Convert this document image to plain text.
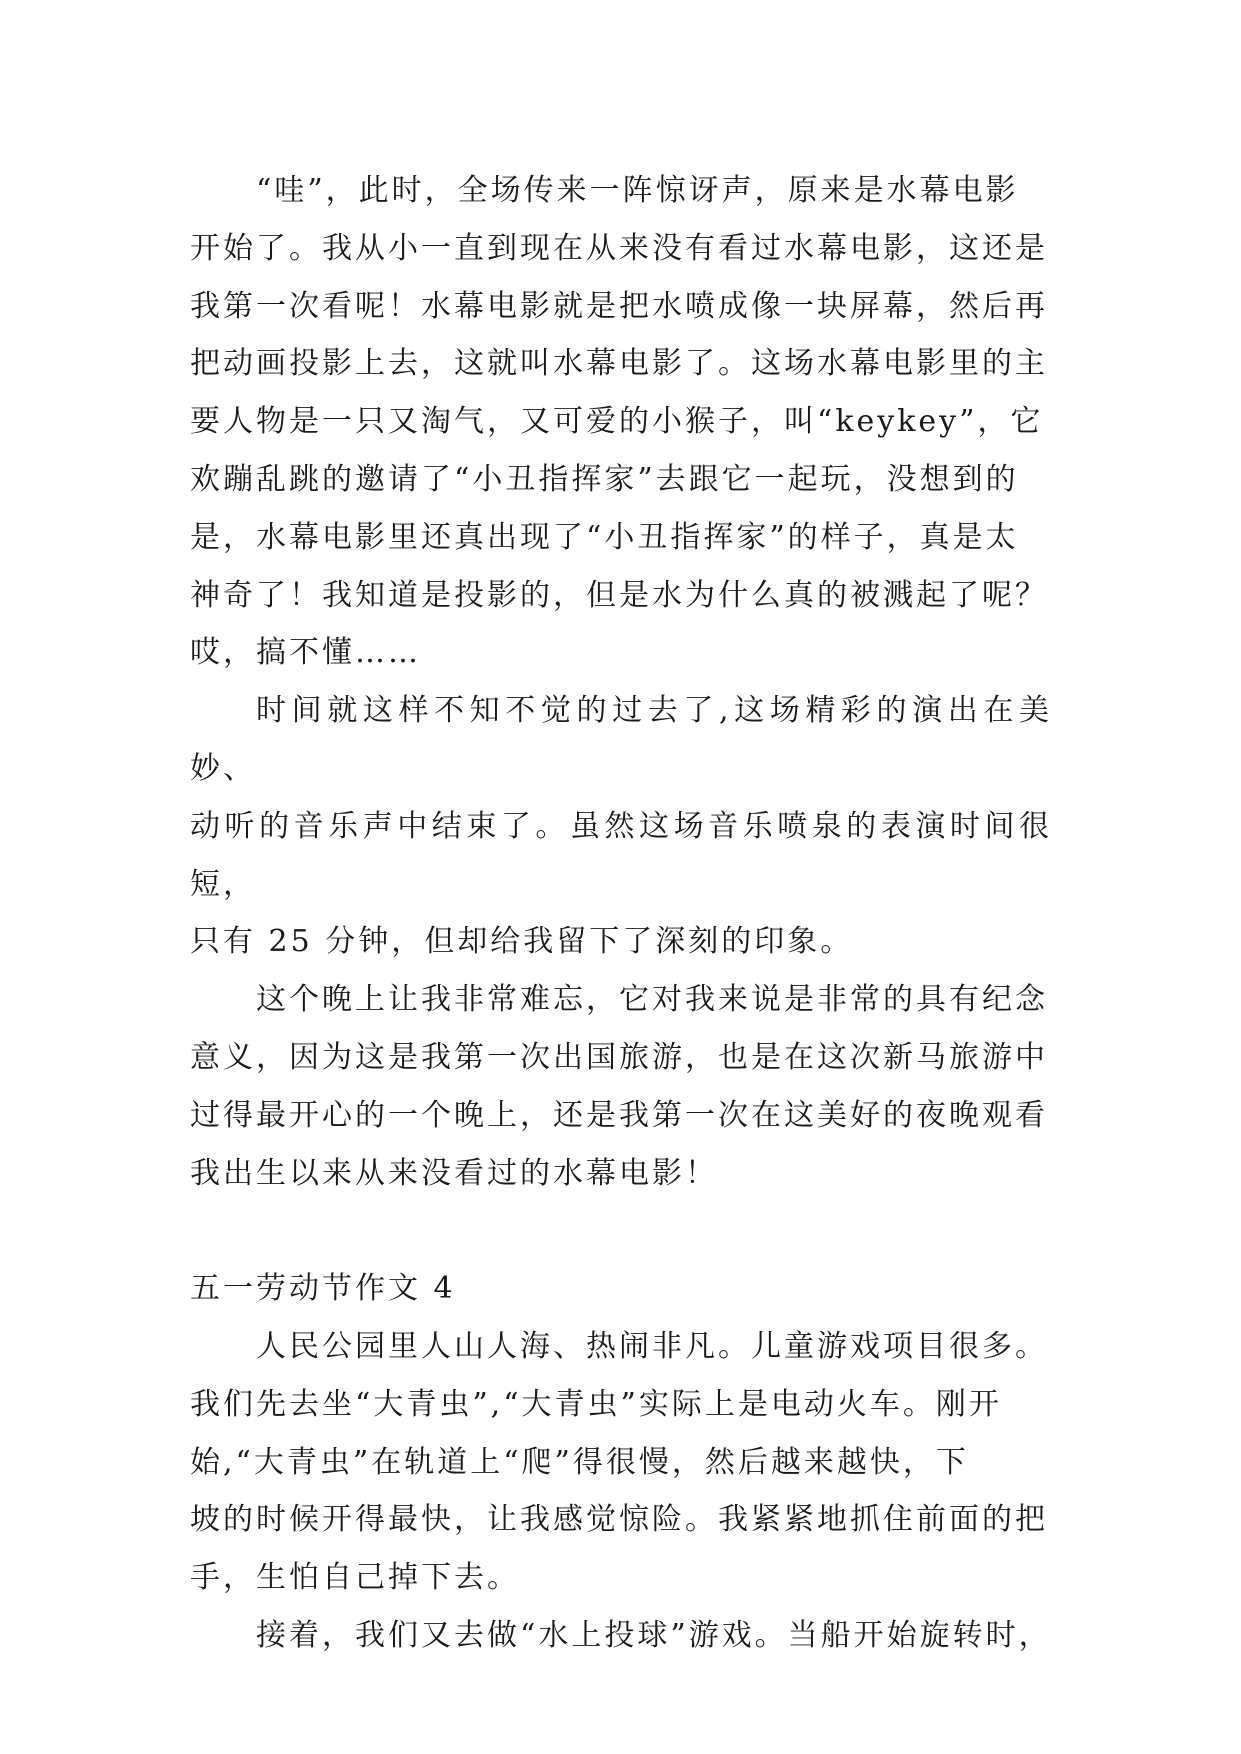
“哇”，此时，全场传来一阵惊讶声，原来是水幕电影
开始了。我从小一直到现在从来没有看过水幕电影，这还是
我第一次看呢！水幕电影就是把水喷成像一块屏幕，然后再
把动画投影上去，这就叫水幕电影了。这场水幕电影里的主
要人物是一只又淘气，又可爱的小猴子，叫“keykey”，它
欢蹦乱跳的邀请了“小丑指挥家”去跟它一起玩，没想到的
是，水幕电影里还真出现了“小丑指挥家”的样子，真是太
神奇了！我知道是投影的，但是水为什么真的被溅起了呢？
哎，搞不懂……

时间就这样不知不觉的过去了,这场精彩的演出在美妙、
动听的音乐声中结束了。虽然这场音乐喷泉的表演时间很短，
只有 25 分钟，但却给我留下了深刻的印象。

这个晚上让我非常难忘，它对我来说是非常的具有纪念
意义，因为这是我第一次出国旅游，也是在这次新马旅游中
过得最开心的一个晚上，还是我第一次在这美好的夜晚观看
我出生以来从来没看过的水幕电影！

五一劳动节作文 4

人民公园里人山人海、热闹非凡。儿童游戏项目很多。
我们先去坐“大青虫”,“大青虫”实际上是电动火车。刚开
始,“大青虫”在轨道上“爬”得很慢，然后越来越快，下
坡的时候开得最快，让我感觉惊险。我紧紧地抓住前面的把
手，生怕自己掉下去。

接着，我们又去做“水上投球”游戏。当船开始旋转时，
